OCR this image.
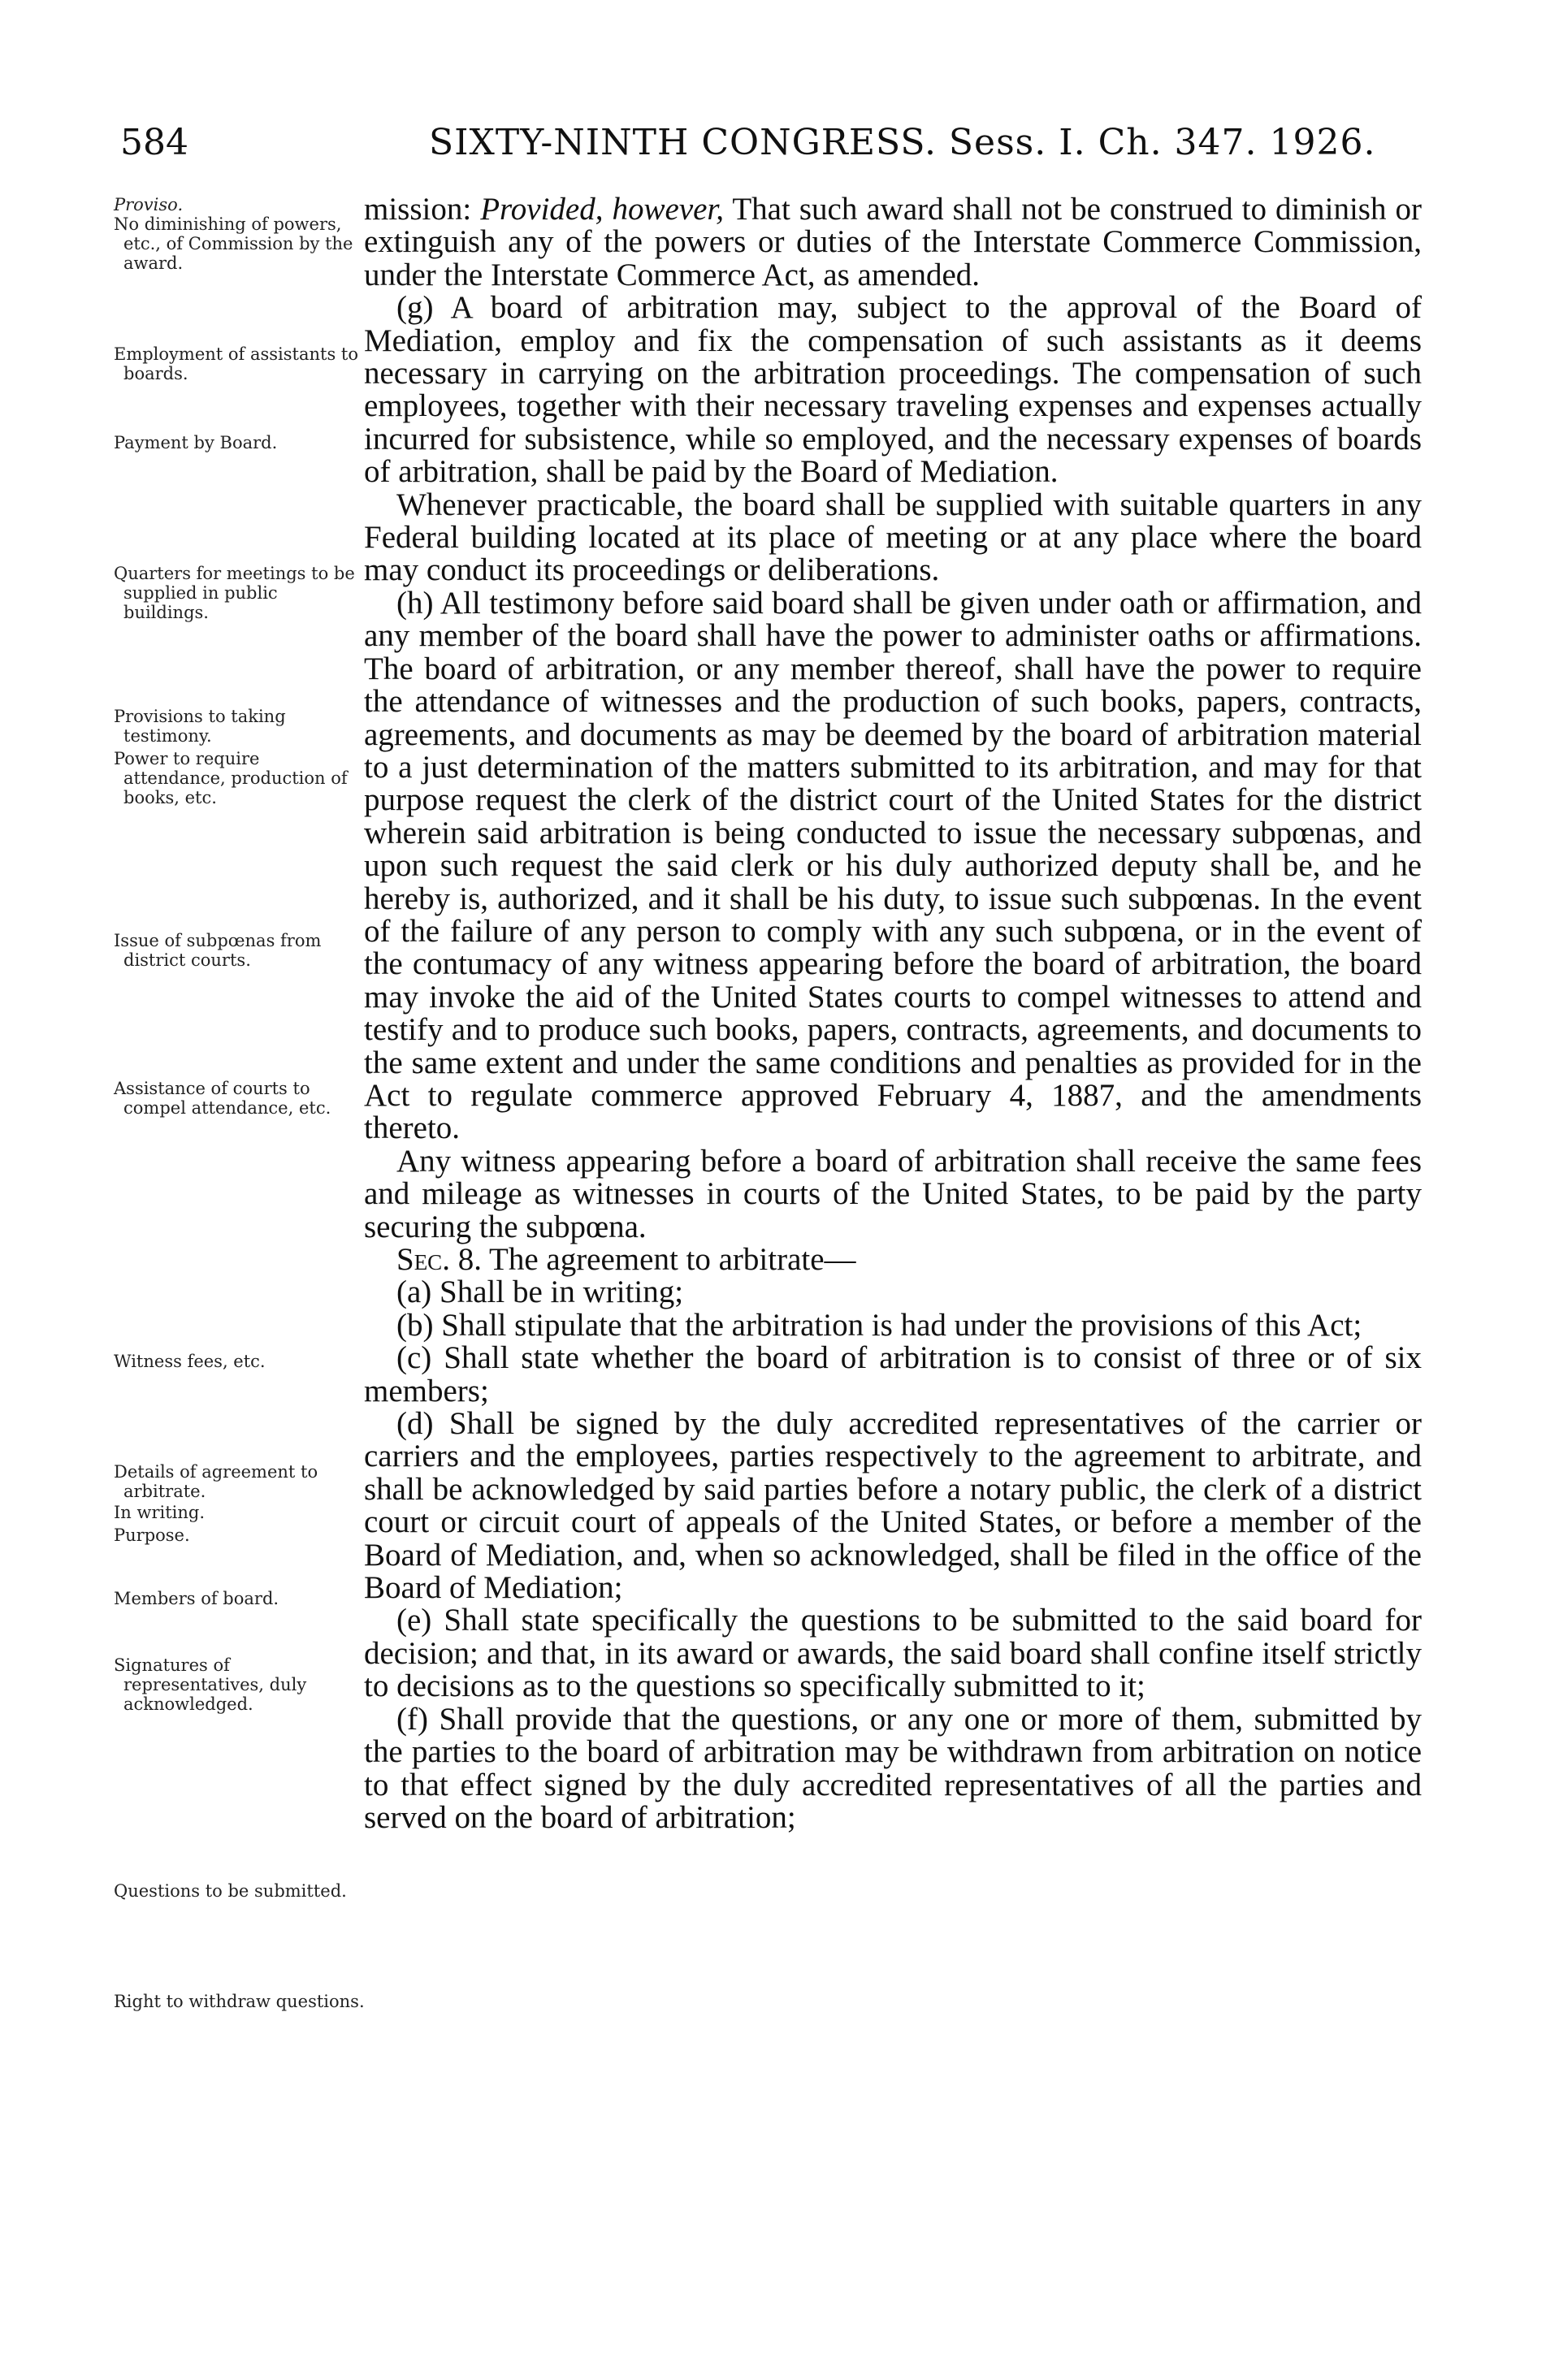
584	SIXTY-NINTH CONGRESS. Sess. I. Ch. 347. 1926.
Proviso.
No diminishing of powers, etc., of Commission by the award.
Employment of assistants to boards.
Payment by Board.
Quarters for meetings to be supplied in public buildings.
Provisions to taking testimony.
Power to require attendance, production of books, etc.
Issue of subpœnas from district courts.
Assistance of courts to compel attendance, etc.
Witness fees, etc.
Details of agreement to arbitrate.
In writing.
Purpose.
Members of board.
Signatures of representatives, duly acknowledged.
Questions to be submitted.
Right to withdraw questions.

mission: Provided, however, That such award shall not be construed to diminish or extinguish any of the powers or duties of the Interstate Commerce Commission, under the Interstate Commerce Act, as amended.

(g) A board of arbitration may, subject to the approval of the Board of Mediation, employ and fix the compensation of such assistants as it deems necessary in carrying on the arbitration proceedings. The compensation of such employees, together with their necessary traveling expenses and expenses actually incurred for subsistence, while so employed, and the necessary expenses of boards of arbitration, shall be paid by the Board of Mediation.

Whenever practicable, the board shall be supplied with suitable quarters in any Federal building located at its place of meeting or at any place where the board may conduct its proceedings or deliberations.

(h) All testimony before said board shall be given under oath or affirmation, and any member of the board shall have the power to administer oaths or affirmations. The board of arbitration, or any member thereof, shall have the power to require the attendance of witnesses and the production of such books, papers, contracts, agreements, and documents as may be deemed by the board of arbitration material to a just determination of the matters submitted to its arbitration, and may for that purpose request the clerk of the district court of the United States for the district wherein said arbitration is being conducted to issue the necessary subpœnas, and upon such request the said clerk or his duly authorized deputy shall be, and he hereby is, authorized, and it shall be his duty, to issue such subpœnas. In the event of the failure of any person to comply with any such subpœna, or in the event of the contumacy of any witness appearing before the board of arbitration, the board may invoke the aid of the United States courts to compel witnesses to attend and testify and to produce such books, papers, contracts, agreements, and documents to the same extent and under the same conditions and penalties as provided for in the Act to regulate commerce approved February 4, 1887, and the amendments thereto.

Any witness appearing before a board of arbitration shall receive the same fees and mileage as witnesses in courts of the United States, to be paid by the party securing the subpœna.

Sec. 8. The agreement to arbitrate—

(a) Shall be in writing;

(b) Shall stipulate that the arbitration is had under the provisions of this Act;

(c) Shall state whether the board of arbitration is to consist of three or of six members;

(d) Shall be signed by the duly accredited representatives of the carrier or carriers and the employees, parties respectively to the agreement to arbitrate, and shall be acknowledged by said parties before a notary public, the clerk of a district court or circuit court of appeals of the United States, or before a member of the Board of Mediation, and, when so acknowledged, shall be filed in the office of the Board of Mediation;

(e) Shall state specifically the questions to be submitted to the said board for decision; and that, in its award or awards, the said board shall confine itself strictly to decisions as to the questions so specifically submitted to it;

(f) Shall provide that the questions, or any one or more of them, submitted by the parties to the board of arbitration may be withdrawn from arbitration on notice to that effect signed by the duly accredited representatives of all the parties and served on the board of arbitration;
